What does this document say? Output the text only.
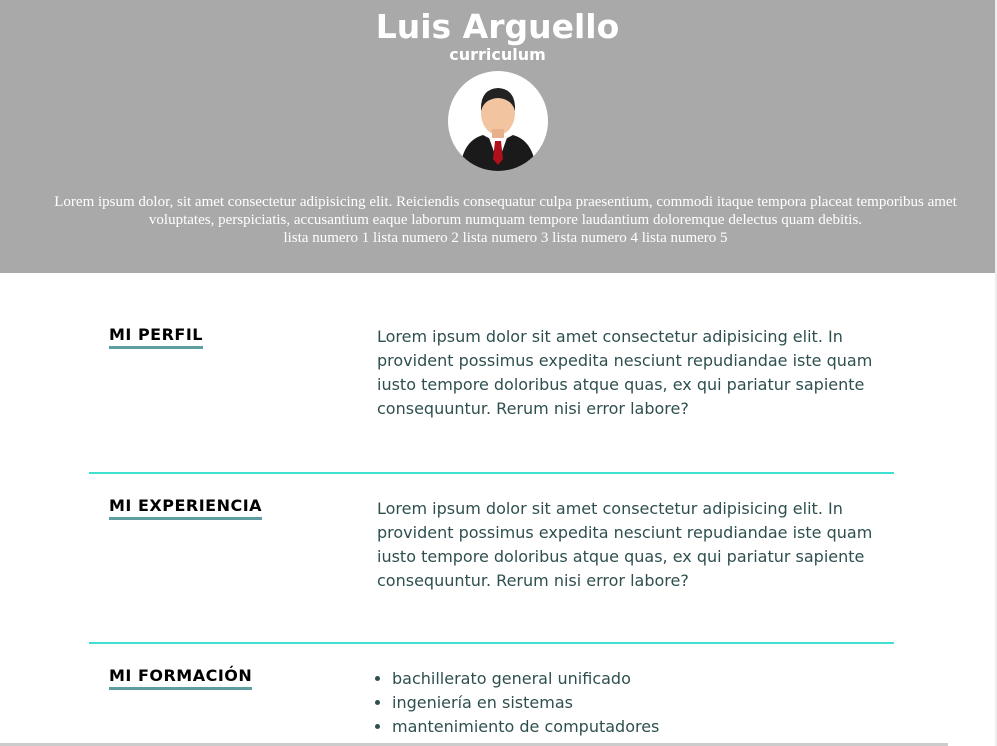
Luis Arguello
curriculum
Lorem ipsum dolor, sit amet consectetur adipisicing elit. Reiciendis consequatur culpa praesentium, commodi itaque tempora placeat temporibus amet voluptates, perspiciatis, accusantium eaque laborum numquam tempore laudantium doloremque delectus quam debitis.
lista numero 1 lista numero 2 lista numero 3 lista numero 4 lista numero 5
MI PERFIL	Lorem ipsum dolor sit amet consectetur adipisicing elit. In provident possimus expedita nesciunt repudiandae iste quam iusto tempore doloribus atque quas, ex qui pariatur sapiente consequuntur. Rerum nisi error labore?
MI EXPERIENCIA	Lorem ipsum dolor sit amet consectetur adipisicing elit. In provident possimus expedita nesciunt repudiandae iste quam iusto tempore doloribus atque quas, ex qui pariatur sapiente consequuntur. Rerum nisi error labore?
MI FORMACIÓN	• bachillerato general unificado
• ingeniería en sistemas
• mantenimiento de computadores
